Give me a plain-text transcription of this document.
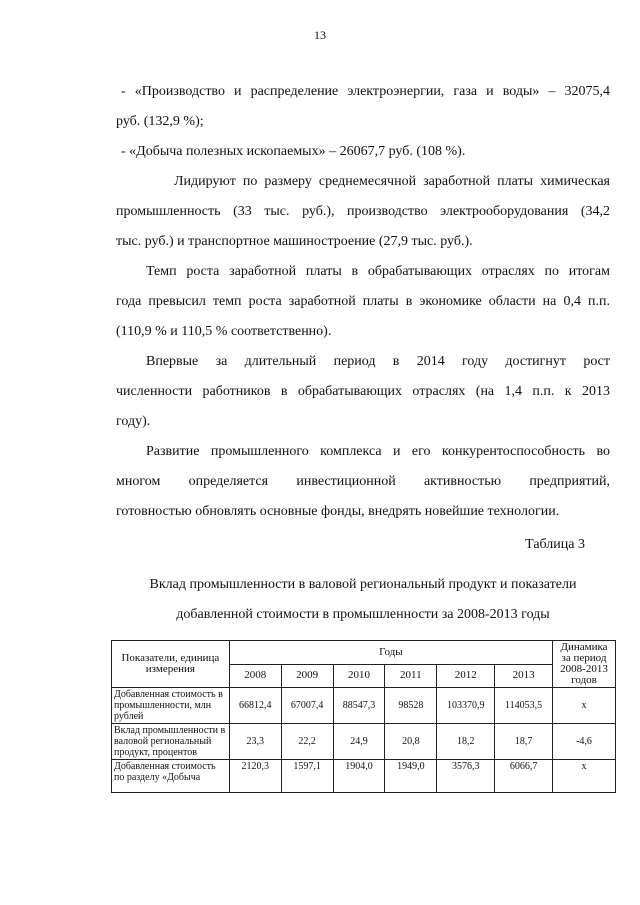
13

- «Производство и распределение электроэнергии, газа и воды» – 32075,4

руб. (132,9 %);

- «Добыча полезных ископаемых» – 26067,7 руб. (108 %).

Лидируют по размеру среднемесячной заработной платы химическая

промышленность (33 тыс. руб.), производство электрооборудования (34,2

тыс. руб.) и транспортное машиностроение (27,9 тыс. руб.).

Темп роста заработной платы в обрабатывающих отраслях по итогам

года превысил темп роста заработной платы в экономике области на 0,4 п.п.

(110,9 % и 110,5 % соответственно).

Впервые за длительный период в 2014 году достигнут рост

численности работников в обрабатывающих отраслях (на 1,4 п.п. к 2013

году).

Развитие промышленного комплекса и его конкурентоспособность во

многом определяется инвестиционной активностью предприятий,

готовностью обновлять основные фонды, внедрять новейшие технологии.

Таблица 3
Вклад промышленности в валовой региональный продукт и показатели
добавленной стоимости в промышленности за 2008-2013 годы
Показатели, единица измерения	Годы						Динамика за период 2008-2013 годов
	2008	2009	2010	2011	2012	2013	
Добавленная стоимость в промышленности, млн рублей	66812,4	67007,4	88547,3	98528	103370,9	114053,5	х
Вклад промышленности в валовой региональный продукт, процентов	23,3	22,2	24,9	20,8	18,2	18,7	-4,6
Добавленная стоимость по разделу «Добыча	2120,3	1597,1	1904,0	1949,0	3576,3	6066,7	х
